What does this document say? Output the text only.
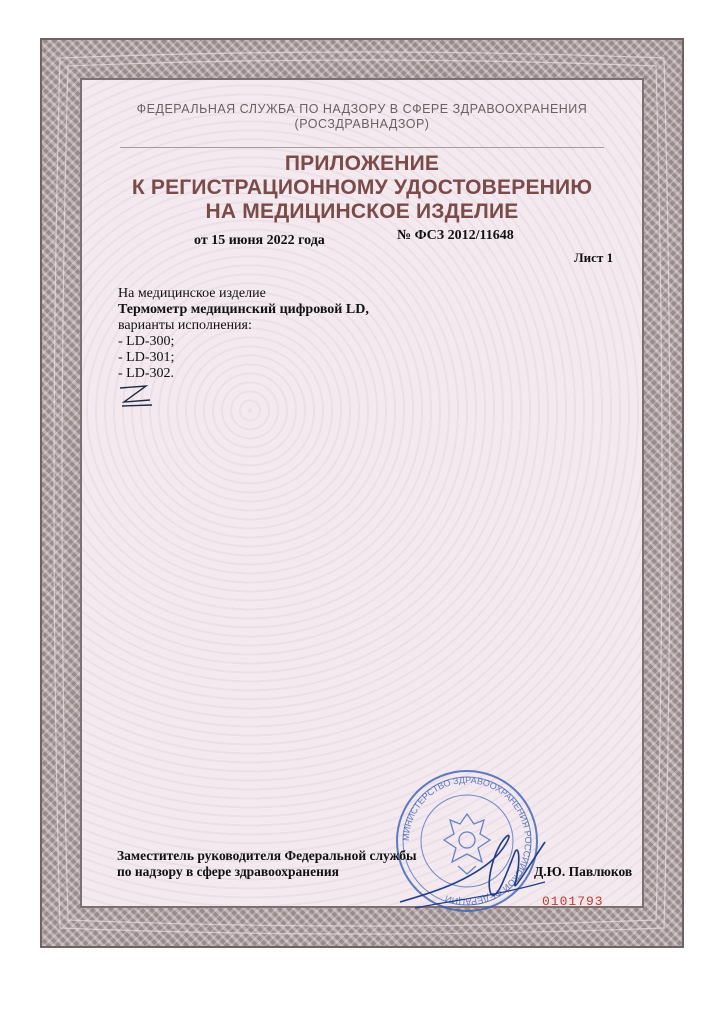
ФЕДЕРАЛЬНАЯ СЛУЖБА ПО НАДЗОРУ В СФЕРЕ ЗДРАВООХРАНЕНИЯ
(РОСЗДРАВНАДЗОР)
ПРИЛОЖЕНИЕ
К РЕГИСТРАЦИОННОМУ УДОСТОВЕРЕНИЮ
НА МЕДИЦИНСКОЕ ИЗДЕЛИЕ
от 15 июня 2022 года	№ ФСЗ 2012/11648
Лист 1
На медицинское изделие
Термометр медицинский цифровой LD,
варианты исполнения:
- LD-300;
- LD-301;
- LD-302.
МИНИСТЕРСТВО ЗДРАВООХРАНЕНИЯ РОССИЙСКОЙ ФЕДЕРАЦИИ
Заместитель руководителя Федеральной службы
по надзору в сфере здравоохранения	Д.Ю. Павлюков
0101793
